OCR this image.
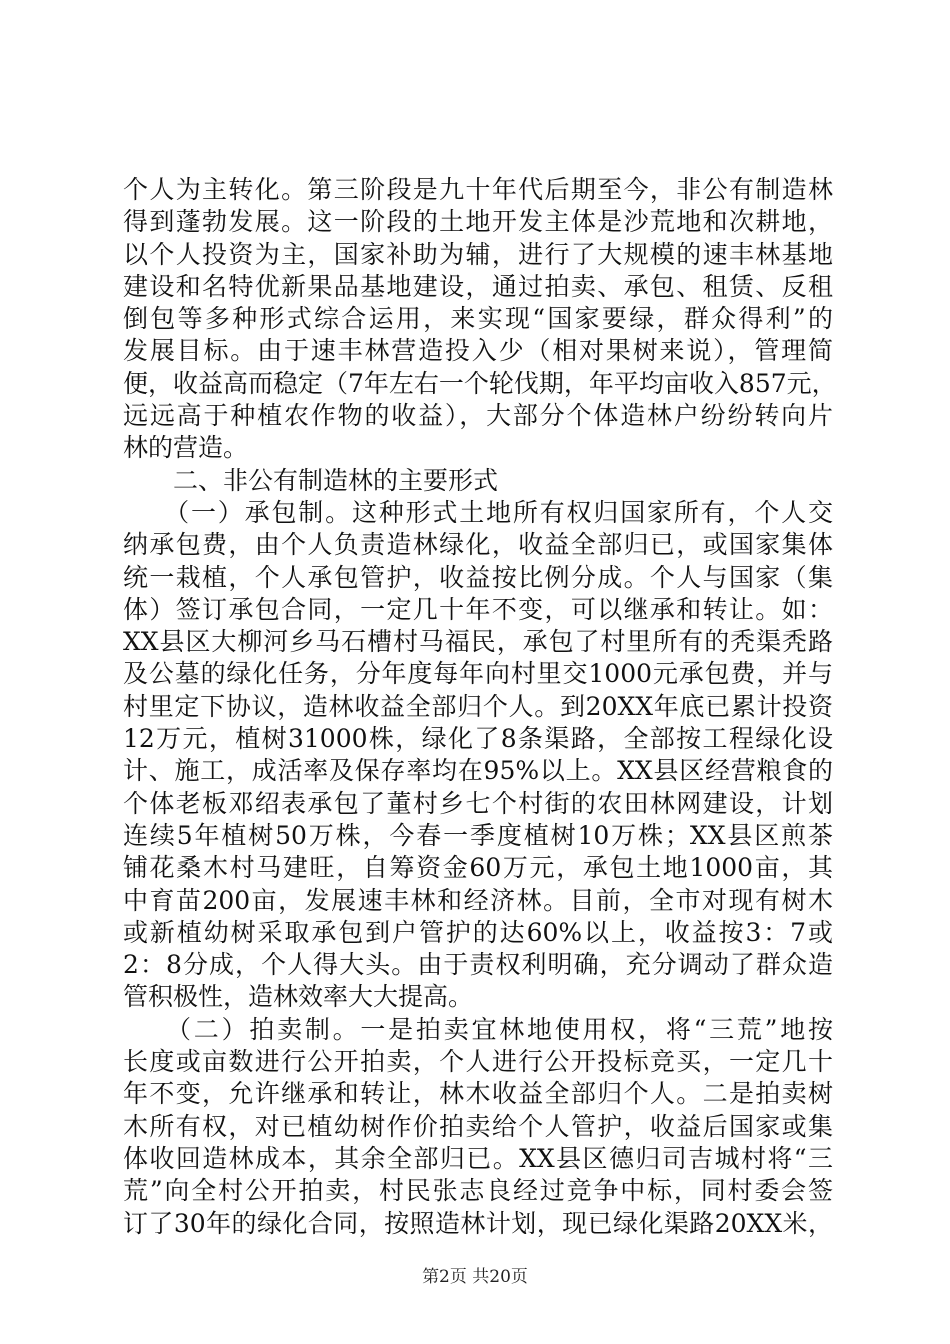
个人为主转化。第三阶段是九十年代后期至今，非公有制造林
得到蓬勃发展。这一阶段的土地开发主体是沙荒地和次耕地，
以个人投资为主，国家补助为辅，进行了大规模的速丰林基地
建设和名特优新果品基地建设，通过拍卖、承包、租赁、反租
倒包等多种形式综合运用，来实现“国家要绿，群众得利”的
发展目标。由于速丰林营造投入少（相对果树来说），管理简
便，收益高而稳定（7年左右一个轮伐期，年平均亩收入857元，
远远高于种植农作物的收益），大部分个体造林户纷纷转向片
林的营造。
　　二、非公有制造林的主要形式
　　（一）承包制。这种形式土地所有权归国家所有，个人交
纳承包费，由个人负责造林绿化，收益全部归已，或国家集体
统一栽植，个人承包管护，收益按比例分成。个人与国家（集
体）签订承包合同，一定几十年不变，可以继承和转让。如：
XX县区大柳河乡马石槽村马福民，承包了村里所有的秃渠秃路
及公墓的绿化任务，分年度每年向村里交1000元承包费，并与
村里定下协议，造林收益全部归个人。到20XX年底已累计投资
12万元，植树31000株，绿化了8条渠路，全部按工程绿化设
计、施工，成活率及保存率均在95%以上。XX县区经营粮食的
个体老板邓绍表承包了董村乡七个村街的农田林网建设，计划
连续5年植树50万株，今春一季度植树10万株；XX县区煎茶
铺花桑木村马建旺，自筹资金60万元，承包土地1000亩，其
中育苗200亩，发展速丰林和经济林。目前，全市对现有树木
或新植幼树采取承包到户管护的达60%以上，收益按3：7或
2：8分成，个人得大头。由于责权利明确，充分调动了群众造
管积极性，造林效率大大提高。
　　（二）拍卖制。一是拍卖宜林地使用权，将“三荒”地按
长度或亩数进行公开拍卖，个人进行公开投标竞买，一定几十
年不变，允许继承和转让，林木收益全部归个人。二是拍卖树
木所有权，对已植幼树作价拍卖给个人管护，收益后国家或集
体收回造林成本，其余全部归已。XX县区德归司吉城村将“三
荒”向全村公开拍卖，村民张志良经过竞争中标，同村委会签
订了30年的绿化合同，按照造林计划，现已绿化渠路20XX米，
第2页 共20页
